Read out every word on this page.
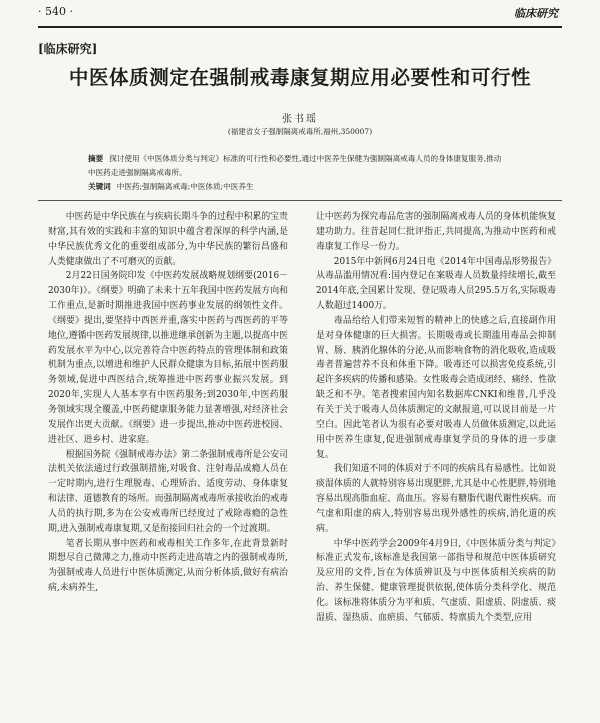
· 540 ·	临床研究
[临床研究]
中医体质测定在强制戒毒康复期应用必要性和可行性
张书瑶
(福建省女子强制隔离戒毒所,福州,350007)
摘要 探讨使用《中医体质分类与判定》标准的可行性和必要性,通过中医养生保健为强制隔离戒毒人员的身体康复服务,推动中医药走进强制隔离戒毒所。
关键词 中医药;强制隔离戒毒;中医体质;中医养生

中医药是中华民族在与疾病长期斗争的过程中积累的宝贵财富,其有效的实践和丰富的知识中蕴含着深厚的科学内涵,是中华民族优秀文化的重要组成部分,为中华民族的繁衍昌盛和人类健康做出了不可磨灭的贡献。

2月22日国务院印发《中医药发展战略规划纲要(2016－2030年)》。《纲要》明确了未来十五年我国中医药发展方向和工作重点,是新时期推进我国中医药事业发展的纲领性文件。《纲要》提出,要坚持中西医并重,落实中医药与西医药的平等地位,遵循中医药发展规律,以推进继承创新为主题,以提高中医药发展水平为中心,以完善符合中医药特点的管理体制和政策机制为重点,以增进和维护人民群众健康为目标,拓展中医药服务领域,促进中西医结合,统筹推进中医药事业振兴发展。到2020年,实现人人基本享有中医药服务;到2030年,中医药服务领域实现全覆盖,中医药健康服务能力显著增强,对经济社会发展作出更大贡献。《纲要》进一步提出,推动中医药进校园、进社区、进乡村、进家庭。

根据国务院《强制戒毒办法》第二条强制戒毒所是公安司法机关依法通过行政强制措施,对吸食、注射毒品成瘾人员在一定时期内,进行生理脱毒、心理矫治、适度劳动、身体康复和法律、道德教育的场所。而强制隔离戒毒所承接收治的戒毒人员的执行期,多为在公安戒毒所已经度过了戒除毒瘾的急性期,进入强制戒毒康复期,又是衔接回归社会的一个过渡期。

笔者长期从事中医药和戒毒相关工作多年,在此背景新时期想尽自己微薄之力,推动中医药走进高墙之内的强制戒毒所,为强制戒毒人员进行中医体质测定,从而分析体质,做好有病治病,未病养生,

让中医药为探究毒品危害的强制隔离戒毒人员的身体机能恢复建功助力。往昔起同仁批评指正,共同提高,为推动中医药和戒毒康复工作尽一份力。

2015年中新网6月24日电《2014年中国毒品形势报告》从毒品滥用情况看:国内登记在案吸毒人员数量持续增长,截至2014年底,全国累计发现、登记吸毒人员295.5万名,实际吸毒人数超过1400万。

毒品给给人们带来短暂的精神上的快感之后,直接副作用是对身体健康的巨大损害。长期吸毒或长期滥用毒品会抑制胃、肠、胰消化腺体的分泌,从而影响食物的消化吸收,造成吸毒者普遍营养不良和体重下降。吸毒还可以损害免疫系统,引起许多疾病的传播和感染。女性吸毒会造成闭经、痛经、性欲缺乏和不孕。笔者搜索国内知名数据库CNKI和维普,几乎没有关于关于吸毒人员体质测定的文献报道,可以说目前是一片空白。因此笔者认为很有必要对吸毒人员做体质测定,以此运用中医养生康复,促进强制戒毒康复学员的身体的进一步康复。

我们知道不同的体质对于不同的疾病具有易感性。比如说痰湿体质的人就特别容易出现肥胖,尤其是中心性肥胖,特别地容易出现高脂血症、高血压。容易有糖脂代谢代谢性疾病。而气虚和阳虚的病人,特别容易出现外感性的疾病,消化道的疾病。

中华中医药学会2009年4月9日,《中医体质分类与判定》标准正式发布,该标准是我国第一部指导和规范中医体质研究及应用的文件,旨在为体质辨识及与中医体质相关疾病的防治、养生保健、健康管理提供依据,使体质分类科学化、规范化。该标准将体质分为平和质、气虚质、阳虚质、阴虚质、痰湿质、湿热质、血瘀质、气郁质、特禀质九个类型,应用
